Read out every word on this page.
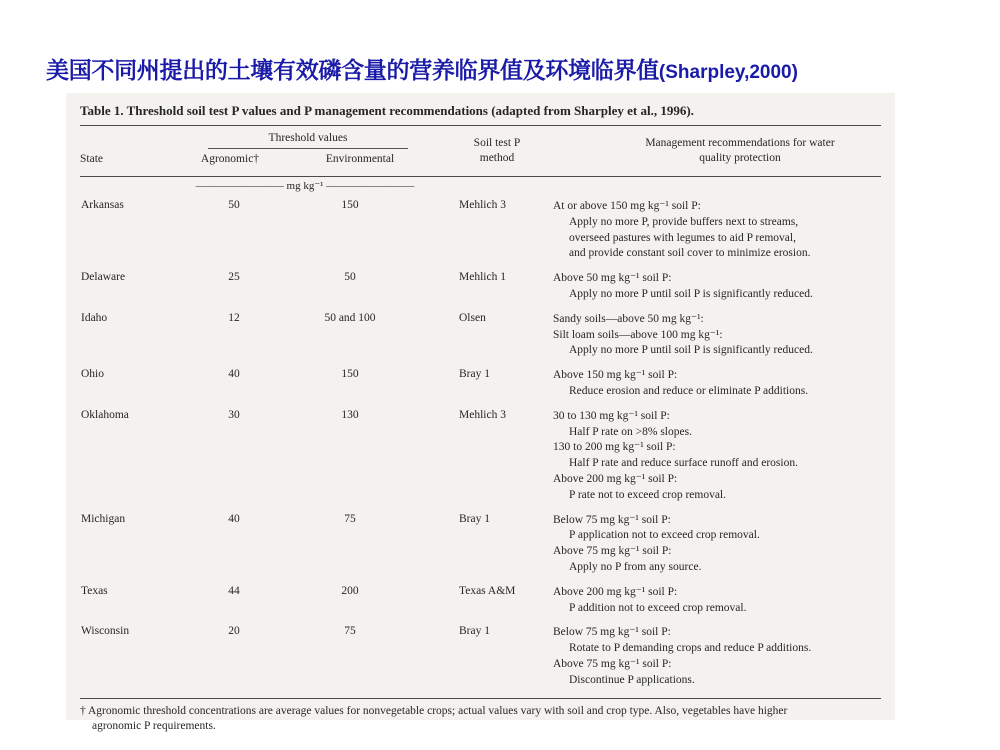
美国不同州提出的土壤有效磷含量的营养临界值及环境临界值(Sharpley,2000)
Table 1. Threshold soil test P values and P management recommendations (adapted from Sharpley et al., 1996).
Threshold values
State	Agronomic†	Environmental
Soil test P
method
Management recommendations for water
quality protection
———————— mg kg⁻¹ ————————
Arkansas	50	150	Mehlich 3	At or above 150 mg kg⁻¹ soil P:
Apply no more P, provide buffers next to streams,
overseed pastures with legumes to aid P removal,
and provide constant soil cover to minimize erosion.
Delaware	25	50	Mehlich 1	Above 50 mg kg⁻¹ soil P:
Apply no more P until soil P is significantly reduced.
Idaho	12	50 and 100	Olsen	Sandy soils—above 50 mg kg⁻¹:
Silt loam soils—above 100 mg kg⁻¹:
Apply no more P until soil P is significantly reduced.
Ohio	40	150	Bray 1	Above 150 mg kg⁻¹ soil P:
Reduce erosion and reduce or eliminate P additions.
Oklahoma	30	130	Mehlich 3	30 to 130 mg kg⁻¹ soil P:
Half P rate on >8% slopes.
130 to 200 mg kg⁻¹ soil P:
Half P rate and reduce surface runoff and erosion.
Above 200 mg kg⁻¹ soil P:
P rate not to exceed crop removal.
Michigan	40	75	Bray 1	Below 75 mg kg⁻¹ soil P:
P application not to exceed crop removal.
Above 75 mg kg⁻¹ soil P:
Apply no P from any source.
Texas	44	200	Texas A&M	Above 200 mg kg⁻¹ soil P:
P addition not to exceed crop removal.
Wisconsin	20	75	Bray 1	Below 75 mg kg⁻¹ soil P:
Rotate to P demanding crops and reduce P additions.
Above 75 mg kg⁻¹ soil P:
Discontinue P applications.
† Agronomic threshold concentrations are average values for nonvegetable crops; actual values vary with soil and crop type. Also, vegetables have higher
agronomic P requirements.
